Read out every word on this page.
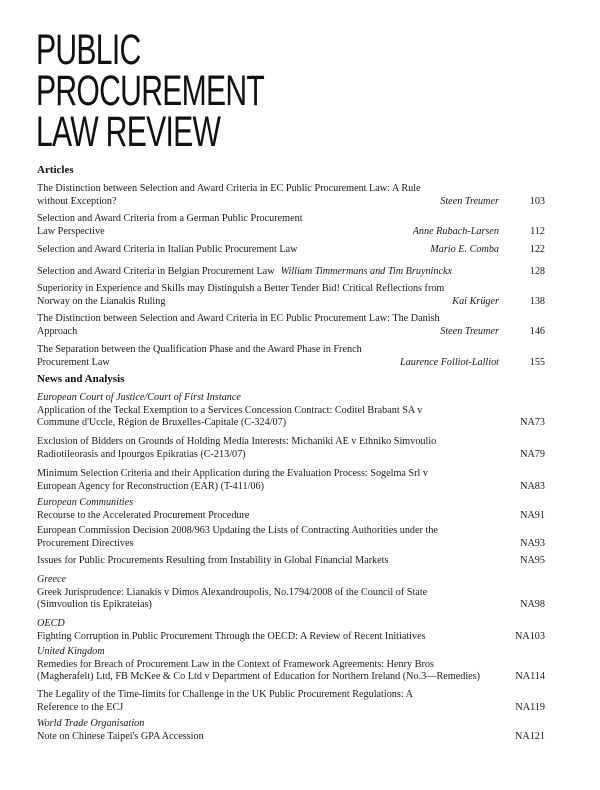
PUBLIC
PROCUREMENT
LAW REVIEW
Articles
The Distinction between Selection and Award Criteria in EC Public Procurement Law: A Rule
without Exception?	Steen Treumer	103
Selection and Award Criteria from a German Public Procurement
Law Perspective	Anne Rubach-Larsen	112
Selection and Award Criteria in Italian Public Procurement Law	Mario E. Comba	122
Selection and Award Criteria in Belgian Procurement Law William Timmermans and Tim Bruyninckx	128
Superiority in Experience and Skills may Distinguish a Better Tender Bid! Critical Reflections from
Norway on the Lianakis Ruling	Kai Krüger	138
The Distinction between Selection and Award Criteria in EC Public Procurement Law: The Danish
Approach	Steen Treumer	146
The Separation between the Qualification Phase and the Award Phase in French
Procurement Law	Laurence Folliot-Lalliot	155
News and Analysis
European Court of Justice/Court of First Instance
Application of the Teckal Exemption to a Services Concession Contract: Coditel Brabant SA v
Commune d'Uccle, Région de Bruxelles-Capitale (C-324/07)	NA73
Exclusion of Bidders on Grounds of Holding Media Interests: Michaniki AE v Ethniko Simvoulio
Radiotileorasis and Ipourgos Epikratias (C-213/07)	NA79
Minimum Selection Criteria and their Application during the Evaluation Process: Sogelma Srl v
European Agency for Reconstruction (EAR) (T-411/06)	NA83
European Communities
Recourse to the Accelerated Procurement Procedure	NA91
European Commission Decision 2008/963 Updating the Lists of Contracting Authorities under the
Procurement Directives	NA93
Issues for Public Procurements Resulting from Instability in Global Financial Markets	NA95
Greece
Greek Jurisprudence: Lianakis v Dimos Alexandroupolis, No.1794/2008 of the Council of State
(Simvoulion tis Epikrateias)	NA98
OECD
Fighting Corruption in Public Procurement Through the OECD: A Review of Recent Initiatives	NA103
United Kingdom
Remedies for Breach of Procurement Law in the Context of Framework Agreements: Henry Bros
(Magherafelt) Ltd, FB McKee & Co Ltd v Department of Education for Northern Ireland (No.3—Remedies)	NA114
The Legality of the Time-limits for Challenge in the UK Public Procurement Regulations: A
Reference to the ECJ	NA119
World Trade Organisation
Note on Chinese Taipei's GPA Accession	NA121
